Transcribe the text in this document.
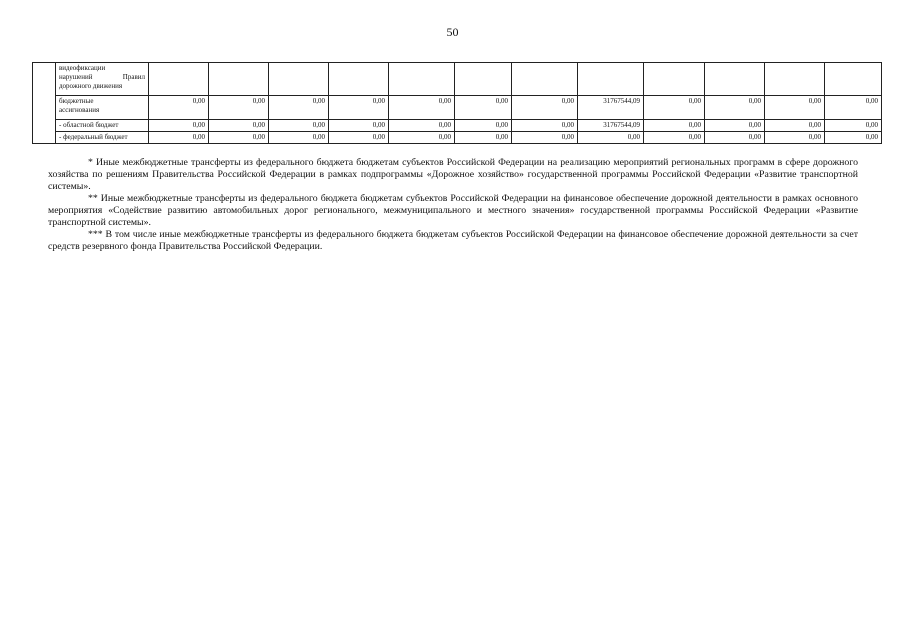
50

	видеофиксации
нарушений Правил
дорожного движения												

	бюджетные
ассигнования	0,00	0,00	0,00	0,00	0,00	0,00	0,00	31767544,09	0,00	0,00	0,00	0,00

	- областной бюджет	0,00	0,00	0,00	0,00	0,00	0,00	0,00	31767544,09	0,00	0,00	0,00	0,00

	- федеральный бюджет	0,00	0,00	0,00	0,00	0,00	0,00	0,00	0,00	0,00	0,00	0,00	0,00

* Иные межбюджетные трансферты из федерального бюджета бюджетам субъектов Российской Федерации на реализацию мероприятий региональных программ в сфере дорожного хозяйства по решениям Правительства Российской Федерации в рамках подпрограммы «Дорожное хозяйство» государственной программы Российской Федерации «Развитие транспортной системы».

** Иные межбюджетные трансферты из федерального бюджета бюджетам субъектов Российской Федерации на финансовое обеспечение дорожной деятельности в рамках основного мероприятия «Содействие развитию автомобильных дорог регионального, межмуниципального и местного значения» государственной программы Российской Федерации «Развитие транспортной системы».

*** В том числе иные межбюджетные трансферты из федерального бюджета бюджетам субъектов Российской Федерации на финансовое обеспечение дорожной деятельности за счет средств резервного фонда Правительства Российской Федерации.
